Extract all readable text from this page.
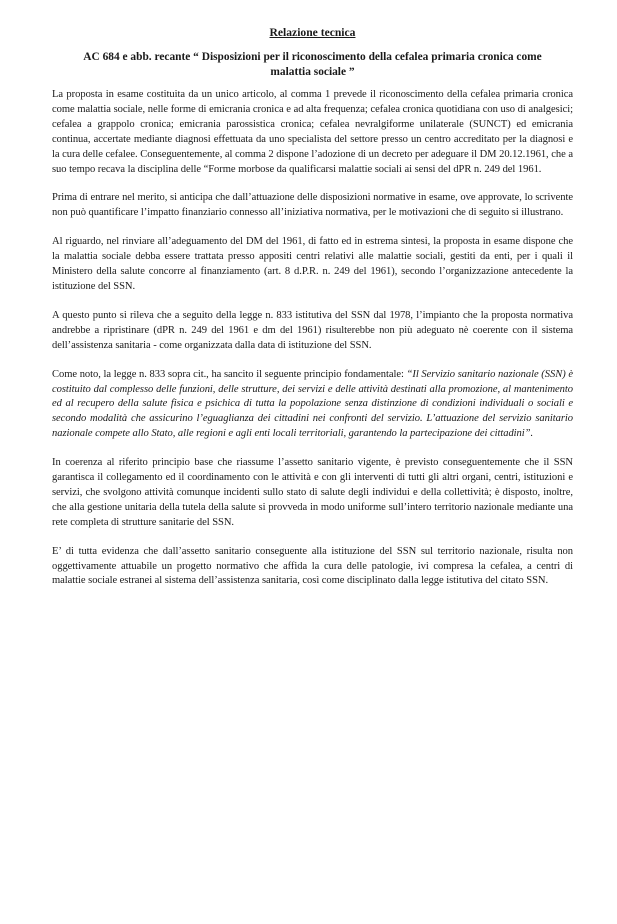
Relazione tecnica
AC 684 e abb. recante “ Disposizioni per il riconoscimento della cefalea primaria cronica come malattia sociale ”

La proposta in esame costituita da un unico articolo, al comma 1 prevede il riconoscimento della cefalea primaria cronica come malattia sociale, nelle forme di emicrania cronica e ad alta frequenza; cefalea cronica quotidiana con uso di analgesici; cefalea a grappolo cronica; emicrania parossistica cronica; cefalea nevralgiforme unilaterale (SUNCT) ed emicrania continua, accertate mediante diagnosi effettuata da uno specialista del settore presso un centro accreditato per la diagnosi e la cura delle cefalee. Conseguentemente, al comma 2 dispone l’adozione di un decreto per adeguare il DM 20.12.1961, che a suo tempo recava la disciplina delle “Forme morbose da qualificarsi malattie sociali ai sensi del dPR n. 249 del 1961.

Prima di entrare nel merito, si anticipa che dall’attuazione delle disposizioni normative in esame, ove approvate, lo scrivente non può quantificare l’impatto finanziario connesso all’iniziativa normativa, per le motivazioni che di seguito si illustrano.

Al riguardo, nel rinviare all’adeguamento del DM del 1961, di fatto ed in estrema sintesi, la proposta in esame dispone che la malattia sociale debba essere trattata presso appositi centri relativi alle malattie sociali, gestiti da enti, per i quali il Ministero della salute concorre al finanziamento (art. 8 d.P.R. n. 249 del 1961), secondo l’organizzazione antecedente la istituzione del SSN.

A questo punto si rileva che a seguito della legge n. 833 istitutiva del SSN dal 1978, l’impianto che la proposta normativa andrebbe a ripristinare (dPR n. 249 del 1961 e dm del 1961) risulterebbe non più adeguato nè coerente con il sistema dell’assistenza sanitaria - come organizzata dalla data di istituzione del SSN.

Come noto, la legge n. 833 sopra cit., ha sancito il seguente principio fondamentale: “Il Servizio sanitario nazionale (SSN) è costituito dal complesso delle funzioni, delle strutture, dei servizi e delle attività destinati alla promozione, al mantenimento ed al recupero della salute fisica e psichica di tutta la popolazione senza distinzione di condizioni individuali o sociali e secondo modalità che assicurino l’eguaglianza dei cittadini nei confronti del servizio. L’attuazione del servizio sanitario nazionale compete allo Stato, alle regioni e agli enti locali territoriali, garantendo la partecipazione dei cittadini”.

In coerenza al riferito principio base che riassume l’assetto sanitario vigente, è previsto conseguentemente che il SSN garantisca il collegamento ed il coordinamento con le attività e con gli interventi di tutti gli altri organi, centri, istituzioni e servizi, che svolgono attività comunque incidenti sullo stato di salute degli individui e della collettività; è disposto, inoltre, che alla gestione unitaria della tutela della salute si provveda in modo uniforme sull’intero territorio nazionale mediante una rete completa di strutture sanitarie del SSN.

E’ di tutta evidenza che dall’assetto sanitario conseguente alla istituzione del SSN sul territorio nazionale, risulta non oggettivamente attuabile un progetto normativo che affida la cura delle patologie, ivi compresa la cefalea, a centri di malattie sociale estranei al sistema dell’assistenza sanitaria, così come disciplinato dalla legge istitutiva del citato SSN.
